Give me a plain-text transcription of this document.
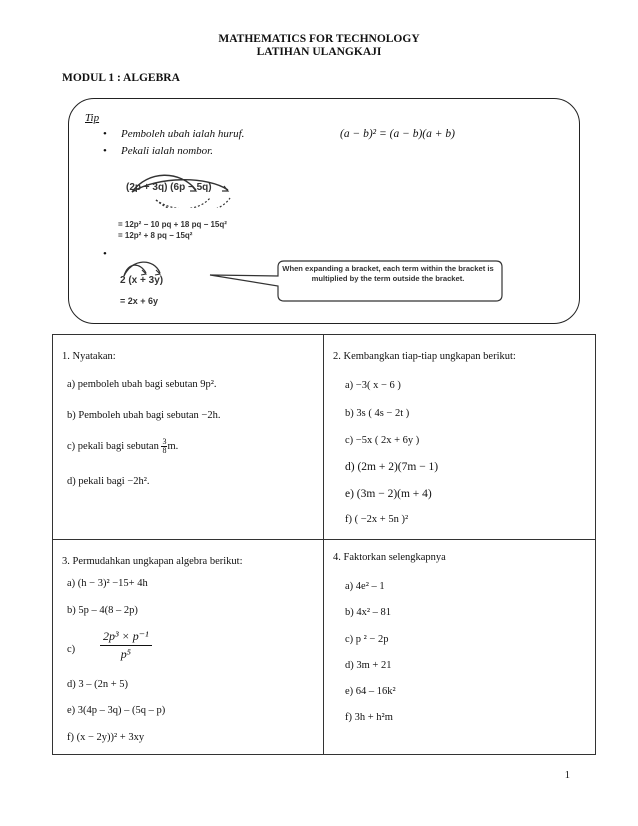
MATHEMATICS FOR TECHNOLOGY
LATIHAN ULANGKAJI
MODUL 1 : ALGEBRA
Tip
• Pemboleh ubah ialah huruf.
• Pekali ialah nombor.
(a − b)² = (a − b)(a + b)
(2p + 3q) (6p − 5q)
= 12p² − 10 pq + 18 pq − 15q²
= 12p² + 8 pq − 15q²
•
2 (x + 3y)
= 2x + 6y
When expanding a bracket, each term within the bracket is multiplied by the term outside the bracket.
1. Nyatakan:
a) pemboleh ubah bagi sebutan 9p².
b) Pemboleh ubah bagi sebutan −2h.
c) pekali bagi sebutan $\frac{3}{8} m$.
d) pekali bagi −2h².
2. Kembangkan tiap-tiap ungkapan berikut:
a) −3( x − 6 )
b) 3s ( 4s − 2t )
c) −5x ( 2x + 6y )
d) (2m + 2)(7m − 1)
e) (3m − 2)(m + 4)
f) ( −2x + 5n )²
3. Permudahkan ungkapan algebra berikut:
a) (h − 3)² −15+ 4h
b) 5p – 4(8 – 2p)
$c) \frac{\text{2p³ × p⁻¹}}{\text{p⁵}}$
d) 3 – (2n + 5)
e) 3(4p – 3q) – (5q – p)
f) (x − 2y))² + 3xy
4. Faktorkan selengkapnya
a) 4e² – 1
b) 4x² – 81
c) p ² − 2p
d) 3m + 21
e) 64 – 16k²
f) 3h + h²m
1
